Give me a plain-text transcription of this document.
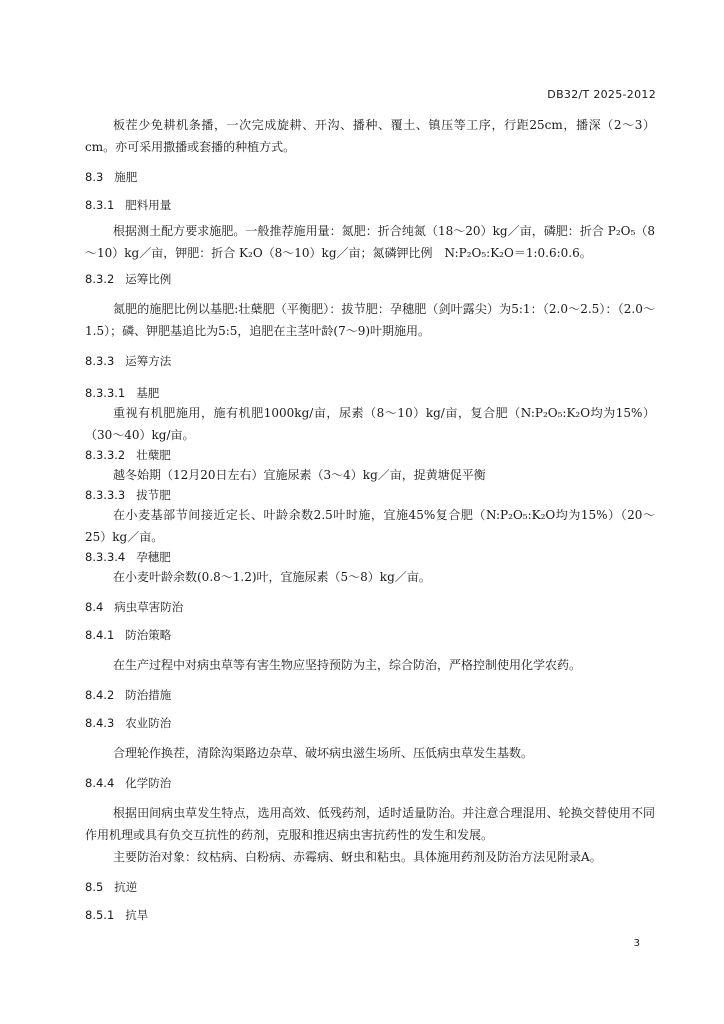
DB32/T 2025-2012

板茬少免耕机条播，一次完成旋耕、开沟、播种、覆土、镇压等工序，行距25cm，播深（2～3）cm。亦可采用撒播或套播的种植方式。

8.3 施肥

8.3.1 肥料用量

根据测土配方要求施肥。一般推荐施用量：氮肥：折合纯氮（18～20）kg／亩，磷肥：折合 P₂O₅（8～10）kg／亩，钾肥：折合 K₂O（8～10）kg／亩；氮磷钾比例　N:P₂O₅:K₂O＝1:0.6:0.6。

8.3.2 运筹比例

氮肥的施肥比例以基肥:壮蘖肥（平衡肥）：拔节肥：孕穗肥（剑叶露尖）为5:1：（2.0～2.5）：（2.0～1.5）；磷、钾肥基追比为5:5，追肥在主茎叶龄(7～9)叶期施用。

8.3.3 运筹方法

8.3.3.1 基肥

重视有机肥施用，施有机肥1000kg/亩，尿素（8～10）kg/亩，复合肥（N:P₂O₅:K₂O均为15%）（30～40）kg/亩。

8.3.3.2 壮蘖肥

越冬始期（12月20日左右）宜施尿素（3～4）kg／亩，捉黄塘促平衡

8.3.3.3 拔节肥

在小麦基部节间接近定长、叶龄余数2.5叶时施，宜施45%复合肥（N:P₂O₅:K₂O均为15%）（20～25）kg／亩。

8.3.3.4 孕穗肥

在小麦叶龄余数(0.8～1.2)叶，宜施尿素（5～8）kg／亩。

8.4 病虫草害防治

8.4.1 防治策略

在生产过程中对病虫草等有害生物应坚持预防为主，综合防治，严格控制使用化学农药。

8.4.2 防治措施

8.4.3 农业防治

合理轮作换茬，清除沟渠路边杂草、破坏病虫滋生场所、压低病虫草发生基数。

8.4.4 化学防治

根据田间病虫草发生特点，选用高效、低残药剂，适时适量防治。并注意合理混用、轮换交替使用不同作用机理或具有负交互抗性的药剂，克服和推迟病虫害抗药性的发生和发展。

主要防治对象：纹枯病、白粉病、赤霉病、蚜虫和粘虫。具体施用药剂及防治方法见附录A。

8.5 抗逆

8.5.1 抗旱

3
